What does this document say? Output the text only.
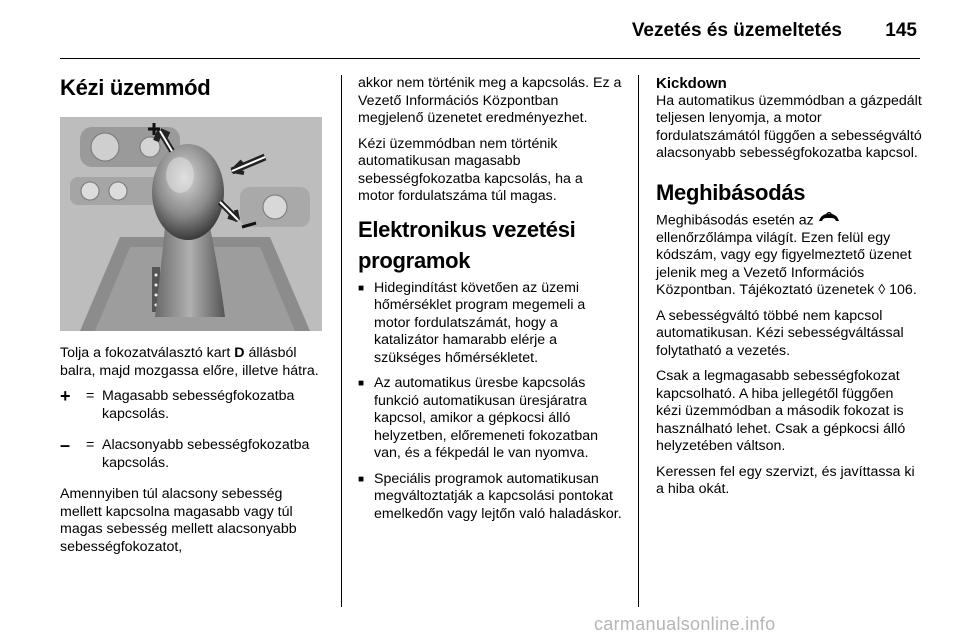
Vezetés és üzemeltetés 145
Kézi üzemmód

Tolja a fokozatválasztó kart D állásból balra, majd mozgassa előre, illetve hátra.

+	= Magasabb sebességfokozatba kapcsolás.
–	= Alacsonyabb sebességfokozatba kapcsolás.

Amennyiben túl alacsony sebesség mellett kapcsolna magasabb vagy túl magas sebesség mellett alacsonyabb sebességfokozatot,

akkor nem történik meg a kapcsolás. Ez a Vezető Információs Központban megjelenő üzenetet eredményezhet.

Kézi üzemmódban nem történik automatikusan magasabb sebességfokozatba kapcsolás, ha a motor fordulatszáma túl magas.

Elektronikus vezetési programok
■ Hidegindítást követően az üzemi hőmérséklet program megemeli a motor fordulatszámát, hogy a katalizátor hamarabb elérje a szükséges hőmérsékletet.
■ Az automatikus üresbe kapcsolás funkció automatikusan üresjáratra kapcsol, amikor a gépkocsi álló helyzetben, előremeneti fokozatban van, és a fékpedál le van nyomva.
■ Speciális programok automatikusan megváltoztatják a kapcsolási pontokat emelkedőn vagy lejtőn való haladáskor.
Kickdown

Ha automatikus üzemmódban a gázpedált teljesen lenyomja, a motor fordulatszámától függően a sebességváltó alacsonyabb sebességfokozatba kapcsol.

Meghibásodás

Meghibásodás esetén az  ellenőrzőlámpa világít. Ezen felül egy kódszám, vagy egy figyelmeztető üzenet jelenik meg a Vezető Információs Központban. Tájékoztató üzenetek ◊ 106.

A sebességváltó többé nem kapcsol automatikusan. Kézi sebességváltással folytatható a vezetés.

Csak a legmagasabb sebességfokozat kapcsolható. A hiba jellegétől függően kézi üzemmódban a második fokozat is használható lehet. Csak a gépkocsi álló helyzetében váltson.

Keressen fel egy szervizt, és javíttassa ki a hiba okát.

carmanualsonline.info
